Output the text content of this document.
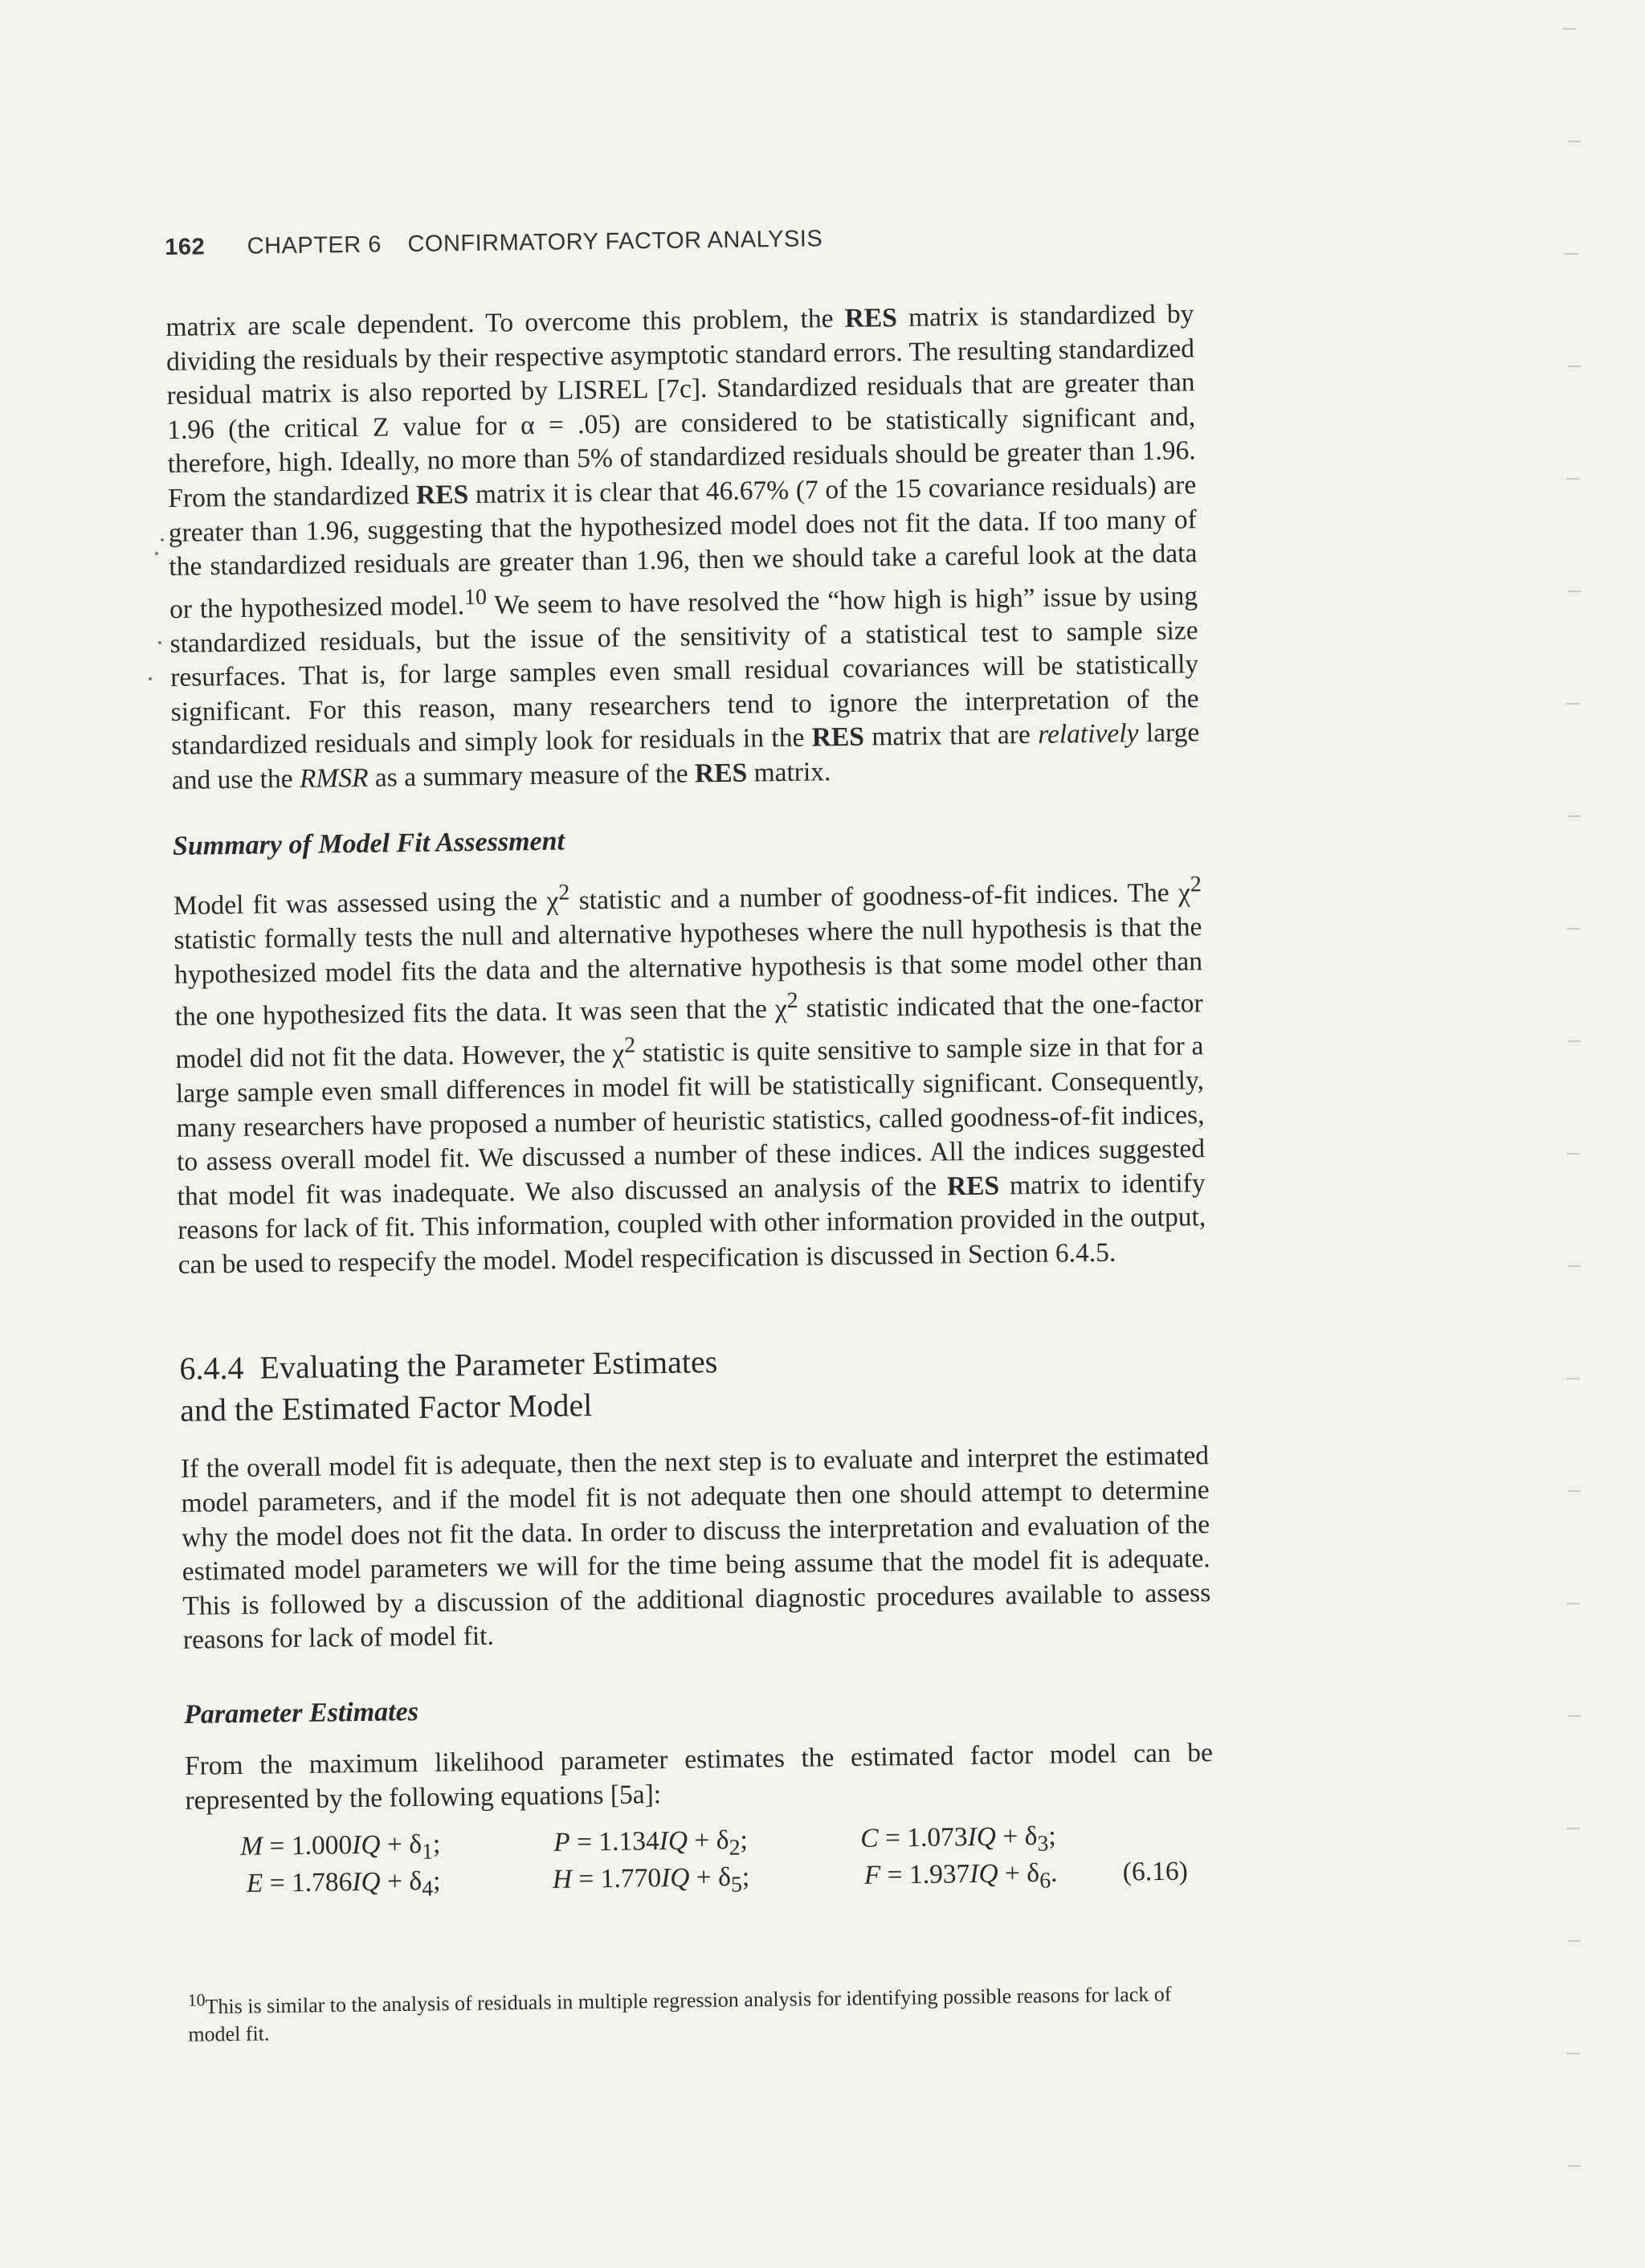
162 CHAPTER 6 CONFIRMATORY FACTOR ANALYSIS

matrix are scale dependent. To overcome this problem, the RES matrix is standardized by dividing the residuals by their respective asymptotic standard errors. The resulting standardized residual matrix is also reported by LISREL [7c]. Standardized residuals that are greater than 1.96 (the critical Z value for α = .05) are considered to be statistically significant and, therefore, high. Ideally, no more than 5% of standardized residuals should be greater than 1.96. From the standardized RES matrix it is clear that 46.67% (7 of the 15 covariance residuals) are greater than 1.96, suggesting that the hypothesized model does not fit the data. If too many of the standardized residuals are greater than 1.96, then we should take a careful look at the data or the hypothesized model.$^{10}$ We seem to have resolved the “how high is high” issue by using standardized residuals, but the issue of the sensitivity of a statistical test to sample size resurfaces. That is, for large samples even small residual covariances will be statistically significant. For this reason, many researchers tend to ignore the interpretation of the standardized residuals and simply look for residuals in the RES matrix that are relatively large and use the RMSR as a summary measure of the RES matrix.

Summary of Model Fit Assessment

Model fit was assessed using the $\chi^2$ statistic and a number of goodness-of-fit indices. The $\chi^2$ statistic formally tests the null and alternative hypotheses where the null hypothesis is that the hypothesized model fits the data and the alternative hypothesis is that some model other than the one hypothesized fits the data. It was seen that the $\chi^2$ statistic indicated that the one-factor model did not fit the data. However, the $\chi^2$ statistic is quite sensitive to sample size in that for a large sample even small differences in model fit will be statistically significant. Consequently, many researchers have proposed a number of heuristic statistics, called goodness-of-fit indices, to assess overall model fit. We discussed a number of these indices. All the indices suggested that model fit was inadequate. We also discussed an analysis of the RES matrix to identify reasons for lack of fit. This information, coupled with other information provided in the output, can be used to respecify the model. Model respecification is discussed in Section 6.4.5.

6.4.4 Evaluating the Parameter Estimates
and the Estimated Factor Model

If the overall model fit is adequate, then the next step is to evaluate and interpret the estimated model parameters, and if the model fit is not adequate then one should attempt to determine why the model does not fit the data. In order to discuss the interpretation and evaluation of the estimated model parameters we will for the time being assume that the model fit is adequate. This is followed by a discussion of the additional diagnostic procedures available to assess reasons for lack of model fit.

Parameter Estimates

From the maximum likelihood parameter estimates the estimated factor model can be represented by the following equations [5a]:

$M = 1.000IQ + \delta_1$;	$P = 1.134IQ + \delta_2$;	$C = 1.073IQ + \delta_3$;
$E = 1.786IQ + \delta_4$;	$H = 1.770IQ + \delta_5$;	$F = 1.937IQ + \delta_6$. (6.16)
$^{10}$This is similar to the analysis of residuals in multiple regression analysis for identifying possible reasons for lack of model fit.
